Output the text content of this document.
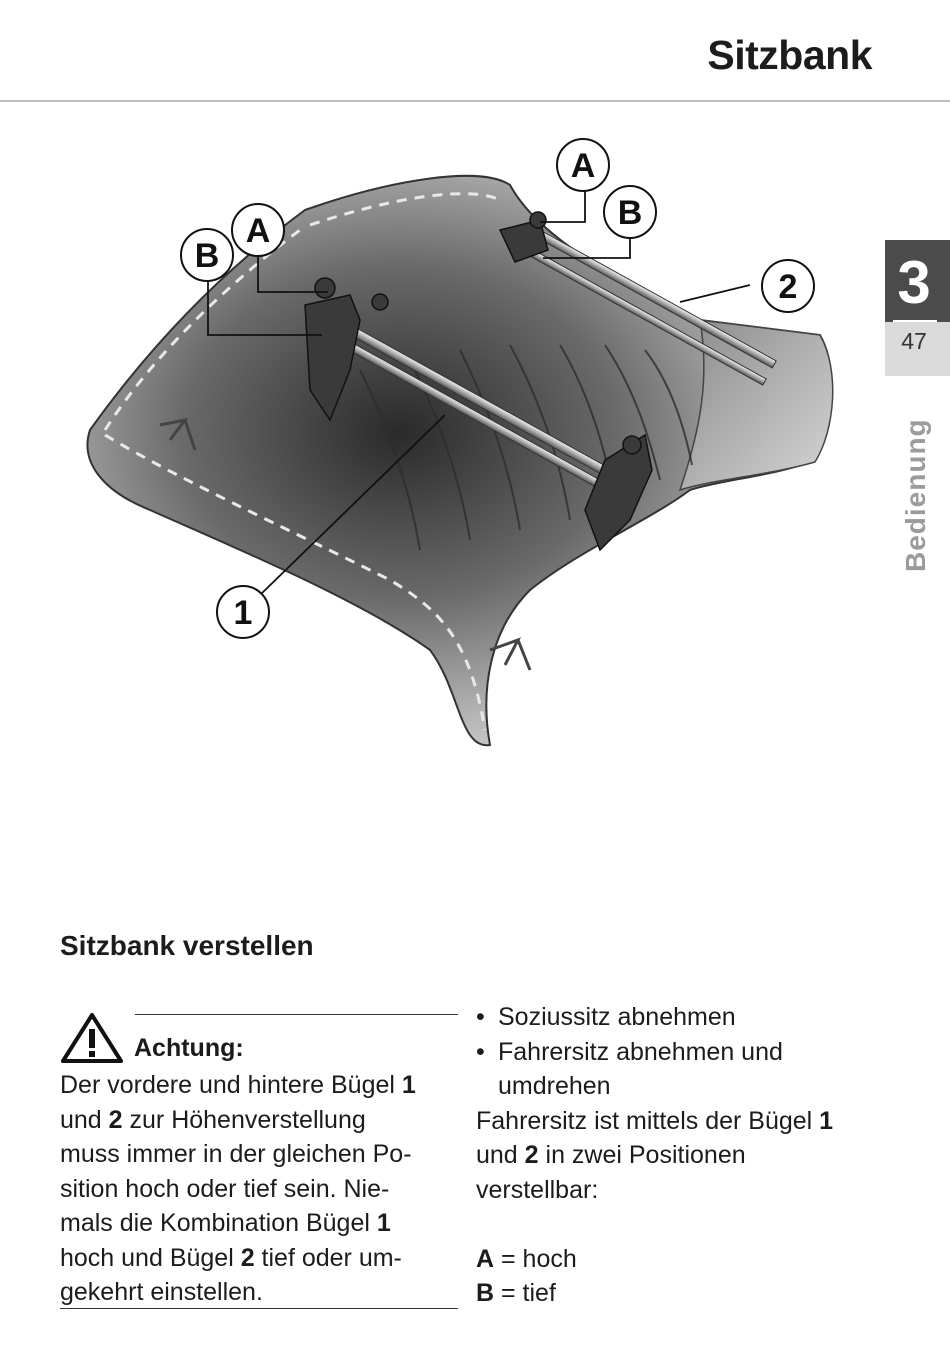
Sitzbank
3
47
Bedienung
A
B
A
B
2
1
Sitzbank verstellen
Achtung:

Der vordere und hintere Bügel 1
und 2 zur Höhenverstellung
muss immer in der gleichen Po-
sition hoch oder tief sein. Nie-
mals die Kombination Bügel 1
hoch und Bügel 2 tief oder um-
gekehrt einstellen.

• Soziussitz abnehmen
• Fahrersitz abnehmen und
umdrehen

Fahrersitz ist mittels der Bügel 1
und 2 in zwei Positionen
verstellbar:

A = hoch
B = tief
